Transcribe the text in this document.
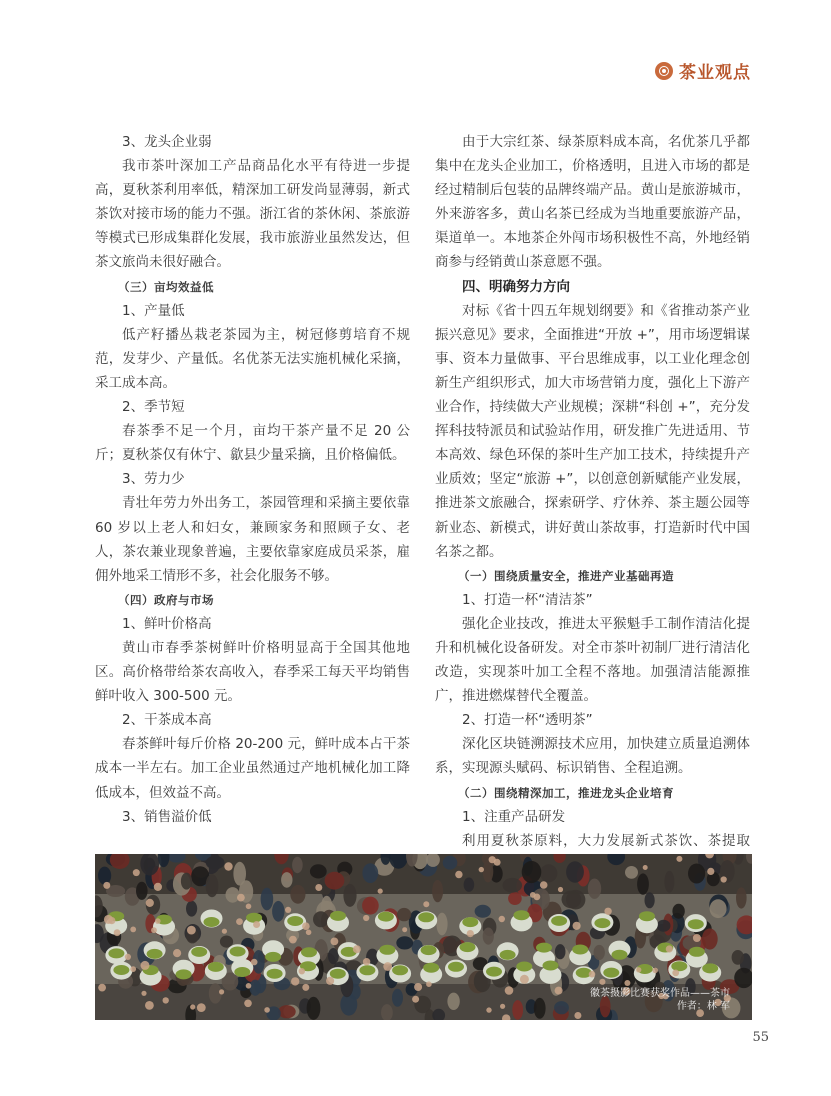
茶业观点

3、龙头企业弱

我市茶叶深加工产品商品化水平有待进一步提高，夏秋茶利用率低，精深加工研发尚显薄弱，新式茶饮对接市场的能力不强。浙江省的茶休闲、茶旅游等模式已形成集群化发展，我市旅游业虽然发达，但茶文旅尚未很好融合。

（三）亩均效益低

1、产量低

低产籽播丛栽老茶园为主，树冠修剪培育不规范，发芽少、产量低。名优茶无法实施机械化采摘，采工成本高。

2、季节短

春茶季不足一个月，亩均干茶产量不足 20 公斤；夏秋茶仅有休宁、歙县少量采摘，且价格偏低。

3、劳力少

青壮年劳力外出务工，茶园管理和采摘主要依靠 60 岁以上老人和妇女，兼顾家务和照顾子女、老人，茶农兼业现象普遍，主要依靠家庭成员采茶，雇佣外地采工情形不多，社会化服务不够。

（四）政府与市场

1、鲜叶价格高

黄山市春季茶树鲜叶价格明显高于全国其他地区。高价格带给茶农高收入，春季采工每天平均销售鲜叶收入 300-500 元。

2、干茶成本高

春茶鲜叶每斤价格 20-200 元，鲜叶成本占干茶成本一半左右。加工企业虽然通过产地机械化加工降低成本，但效益不高。

3、销售溢价低

由于大宗红茶、绿茶原料成本高，名优茶几乎都集中在龙头企业加工，价格透明，且进入市场的都是经过精制后包装的品牌终端产品。黄山是旅游城市，外来游客多，黄山名茶已经成为当地重要旅游产品，渠道单一。本地茶企外闯市场积极性不高，外地经销商参与经销黄山茶意愿不强。

四、明确努力方向

对标《省十四五年规划纲要》和《省推动茶产业振兴意见》要求，全面推进“开放 +”，用市场逻辑谋事、资本力量做事、平台思维成事，以工业化理念创新生产组织形式，加大市场营销力度，强化上下游产业合作，持续做大产业规模；深耕“科创 +”，充分发挥科技特派员和试验站作用，研发推广先进适用、节本高效、绿色环保的茶叶生产加工技术，持续提升产业质效；坚定“旅游 +”，以创意创新赋能产业发展，推进茶文旅融合，探索研学、疗休养、茶主题公园等新业态、新模式，讲好黄山茶故事，打造新时代中国名茶之都。

（一）围绕质量安全，推进产业基础再造

1、打造一杯“清洁茶”

强化企业技改，推进太平猴魁手工制作清洁化提升和机械化设备研发。对全市茶叶初制厂进行清洁化改造，实现茶叶加工全程不落地。加强清洁能源推广，推进燃煤替代全覆盖。

2、打造一杯“透明茶”

深化区块链溯源技术应用，加快建立质量追溯体系，实现源头赋码、标识销售、全程追溯。

（二）围绕精深加工，推进龙头企业培育

1、注重产品研发

利用夏秋茶原料，大力发展新式茶饮、茶提取

徽茶摄影比赛获奖作品——茶市
作者：林 军
55
